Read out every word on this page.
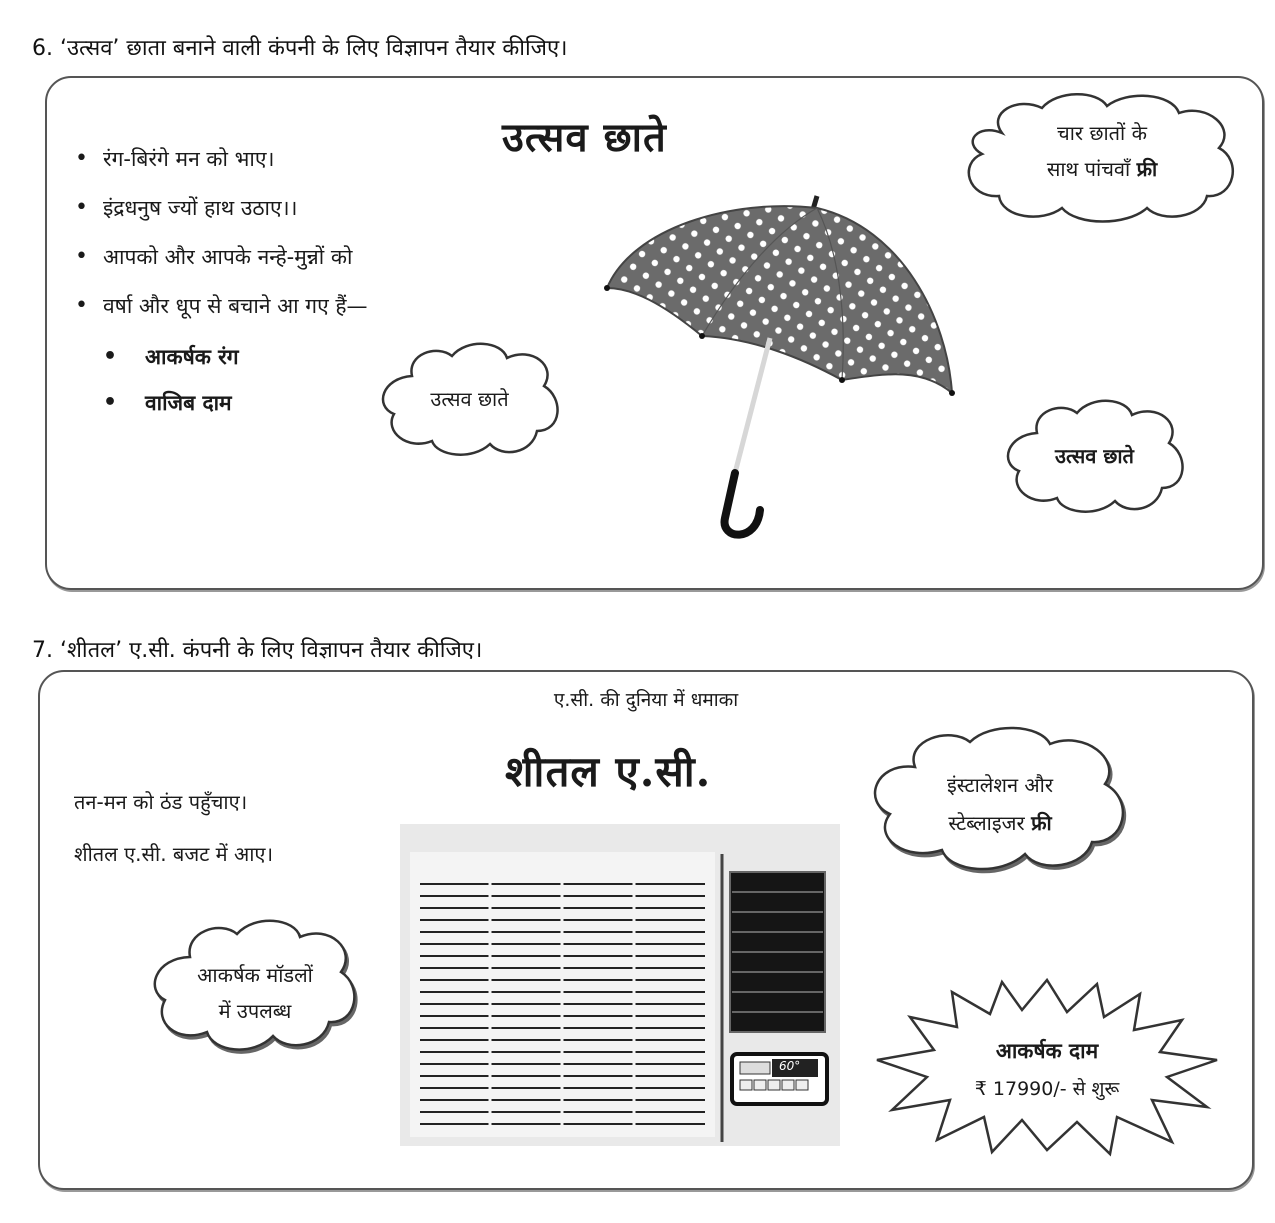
6. ‘उत्सव’ छाता बनाने वाली कंपनी के लिए विज्ञापन तैयार कीजिए।
उत्सव छाते
• रंग-बिरंगे मन को भाए।
• इंद्रधनुष ज्यों हाथ उठाए।।
• आपको और आपके नन्हे-मुन्नों को
• वर्षा और धूप से बचाने आ गए हैं—
• आकर्षक रंग
• वाजिब दाम
चार छातों के
साथ पांचवाँ फ्री
उत्सव छाते
उत्सव छाते
7. ‘शीतल’ ए.सी. कंपनी के लिए विज्ञापन तैयार कीजिए।
ए.सी. की दुनिया में धमाका
शीतल ए.सी.
तन-मन को ठंड पहुँचाए।
शीतल ए.सी. बजट में आए।
आकर्षक मॉडलों
में उपलब्ध
60°
इंस्टालेशन और
स्टेब्लाइजर फ्री
आकर्षक दाम
₹ 17990/- से शुरू
